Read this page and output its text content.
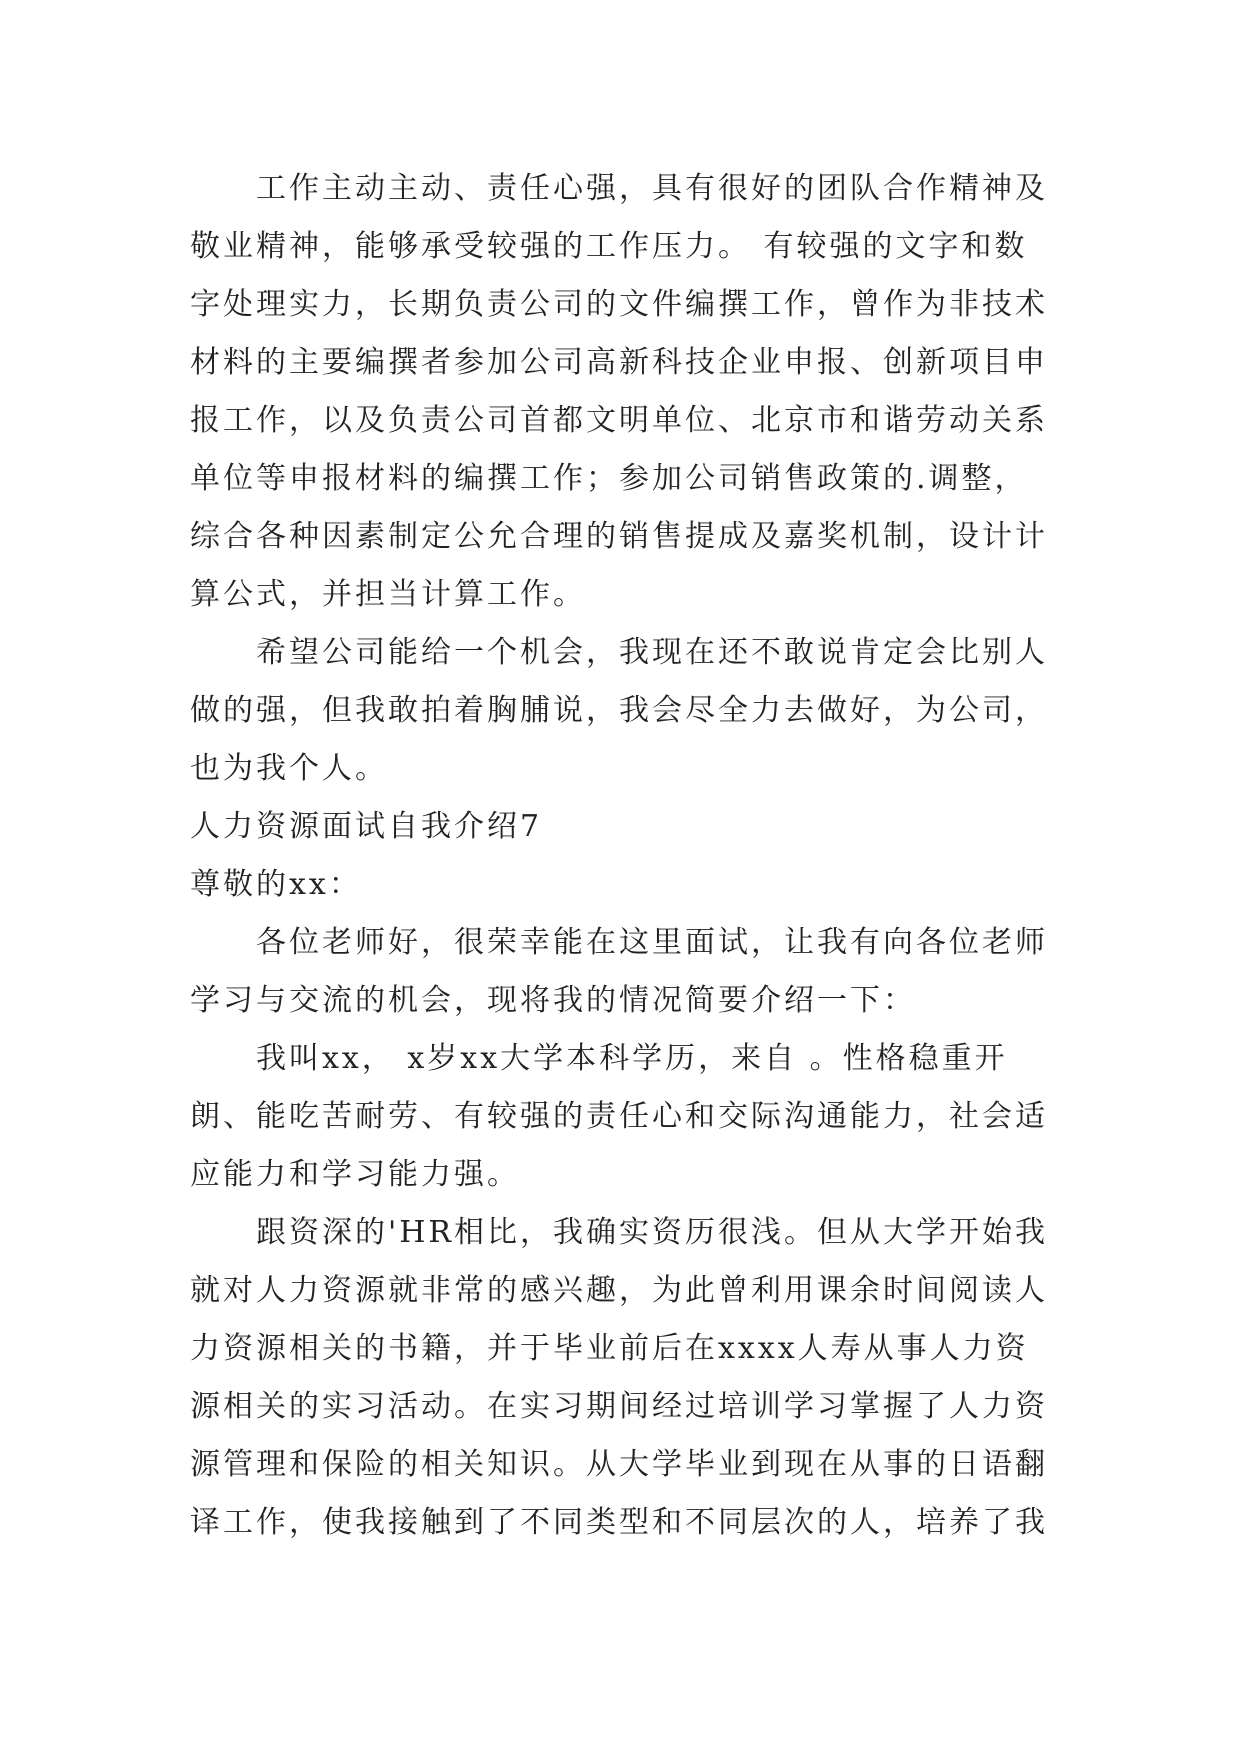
工作主动主动、责任心强，具有很好的团队合作精神及
敬业精神，能够承受较强的工作压力。 有较强的文字和数
字处理实力，长期负责公司的文件编撰工作，曾作为非技术
材料的主要编撰者参加公司高新科技企业申报、创新项目申
报工作，以及负责公司首都文明单位、北京市和谐劳动关系
单位等申报材料的编撰工作；参加公司销售政策的.调整，
综合各种因素制定公允合理的销售提成及嘉奖机制，设计计
算公式，并担当计算工作。
希望公司能给一个机会，我现在还不敢说肯定会比别人
做的强，但我敢拍着胸脯说，我会尽全力去做好，为公司，
也为我个人。
人力资源面试自我介绍7
尊敬的xx：
各位老师好，很荣幸能在这里面试，让我有向各位老师
学习与交流的机会，现将我的情况简要介绍一下：
我叫xx， x岁xx大学本科学历，来自 。性格稳重开
朗、能吃苦耐劳、有较强的责任心和交际沟通能力，社会适
应能力和学习能力强。
跟资深的'HR相比，我确实资历很浅。但从大学开始我
就对人力资源就非常的感兴趣，为此曾利用课余时间阅读人
力资源相关的书籍，并于毕业前后在xxxx人寿从事人力资
源相关的实习活动。在实习期间经过培训学习掌握了人力资
源管理和保险的相关知识。从大学毕业到现在从事的日语翻
译工作，使我接触到了不同类型和不同层次的人，培养了我
